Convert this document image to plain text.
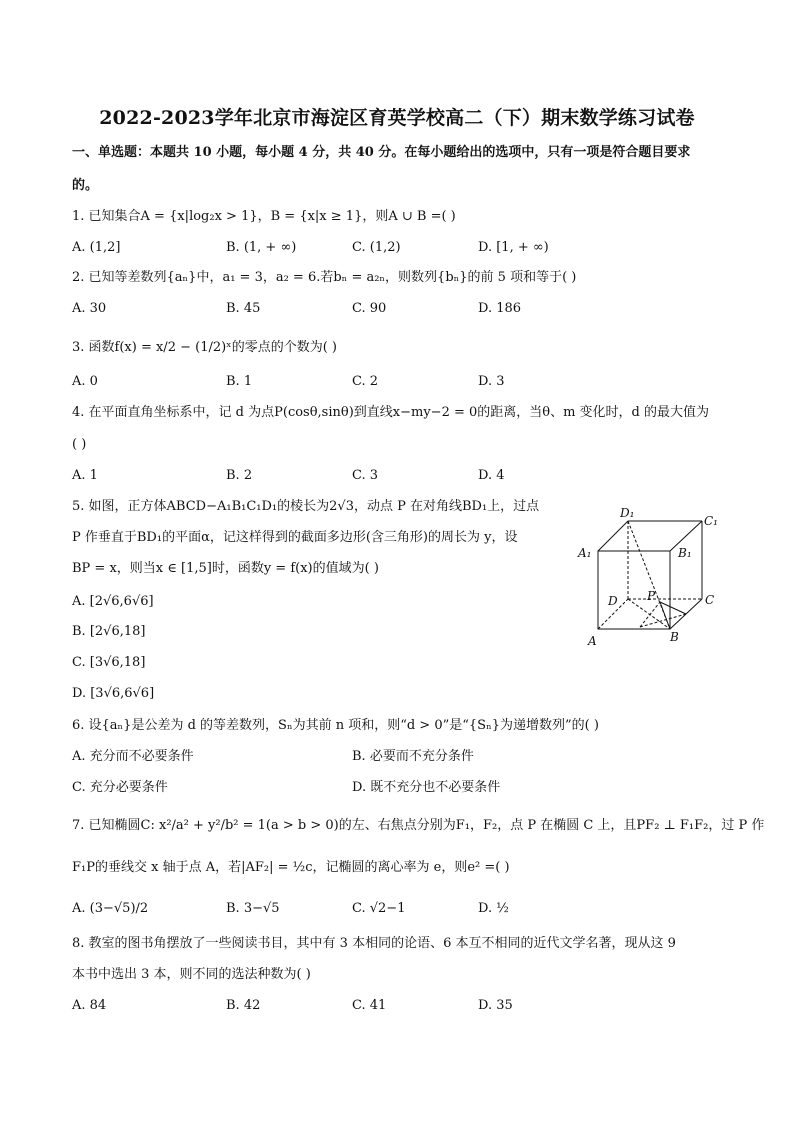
2022-2023学年北京市海淀区育英学校高二（下）期末数学练习试卷
一、单选题：本题共 10 小题，每小题 4 分，共 40 分。在每小题给出的选项中，只有一项是符合题目要求
的。
1. 已知集合A = {x|log₂x > 1}，B = {x|x ≥ 1}，则A ∪ B =( )
A. (1,2]	B. (1, + ∞)	C. (1,2)	D. [1, + ∞)
2. 已知等差数列{aₙ}中，a₁ = 3，a₂ = 6.若bₙ = a₂ₙ，则数列{bₙ}的前 5 项和等于( )
A. 30	B. 45	C. 90	D. 186
3. 函数f(x) = x/2 − (1/2)ˣ的零点的个数为( )
A. 0	B. 1	C. 2	D. 3
4. 在平面直角坐标系中，记 d 为点P(cosθ,sinθ)到直线x−my−2 = 0的距离，当θ、m 变化时，d 的最大值为
( )
A. 1	B. 2	C. 3	D. 4
5. 如图，正方体ABCD−A₁B₁C₁D₁的棱长为2√3，动点 P 在对角线BD₁上，过点
P 作垂直于BD₁的平面α，记这样得到的截面多边形(含三角形)的周长为 y，设
BP = x，则当x ∈ [1,5]时，函数y = f(x)的值域为( )
A. [2√6,6√6]
B. [2√6,18]
C. [3√6,18]
D. [3√6,6√6]
D₁
C₁
A₁	B₁
D P	C
A	B
6. 设{aₙ}是公差为 d 的等差数列，Sₙ为其前 n 项和，则“d > 0”是“{Sₙ}为递增数列”的( )
A. 充分而不必要条件	B. 必要而不充分条件
C. 充分必要条件	D. 既不充分也不必要条件
7. 已知椭圆C: x²/a² + y²/b² = 1(a > b > 0)的左、右焦点分别为F₁，F₂，点 P 在椭圆 C 上，且PF₂ ⊥ F₁F₂，过 P 作
F₁P的垂线交 x 轴于点 A，若|AF₂| = ½c，记椭圆的离心率为 e，则e² =( )
A. (3−√5)/2	B. 3−√5	C. √2−1	D. ½
8. 教室的图书角摆放了一些阅读书目，其中有 3 本相同的论语、6 本互不相同的近代文学名著，现从这 9
本书中选出 3 本，则不同的选法种数为( )
A. 84	B. 42	C. 41	D. 35
